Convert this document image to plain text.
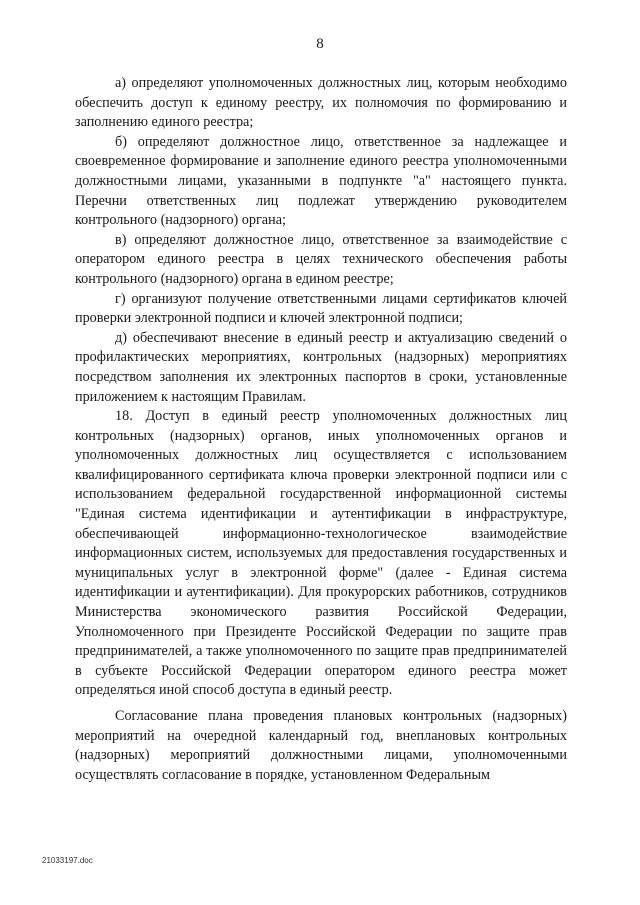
8

а) определяют уполномоченных должностных лиц, которым необходимо обеспечить доступ к единому реестру, их полномочия по формированию и заполнению единого реестра;

б) определяют должностное лицо, ответственное за надлежащее и своевременное формирование и заполнение единого реестра уполномоченными должностными лицами, указанными в подпункте "а" настоящего пункта. Перечни ответственных лиц подлежат утверждению руководителем контрольного (надзорного) органа;

в) определяют должностное лицо, ответственное за взаимодействие с оператором единого реестра в целях технического обеспечения работы контрольного (надзорного) органа в едином реестре;

г) организуют получение ответственными лицами сертификатов ключей проверки электронной подписи и ключей электронной подписи;

д) обеспечивают внесение в единый реестр и актуализацию сведений о профилактических мероприятиях, контрольных (надзорных) мероприятиях посредством заполнения их электронных паспортов в сроки, установленные приложением к настоящим Правилам.

18. Доступ в единый реестр уполномоченных должностных лиц контрольных (надзорных) органов, иных уполномоченных органов и уполномоченных должностных лиц осуществляется с использованием квалифицированного сертификата ключа проверки электронной подписи или с использованием федеральной государственной информационной системы "Единая система идентификации и аутентификации в инфраструктуре, обеспечивающей информационно-технологическое взаимодействие информационных систем, используемых для предоставления государственных и муниципальных услуг в электронной форме" (далее - Единая система идентификации и аутентификации). Для прокурорских работников, сотрудников Министерства экономического развития Российской Федерации, Уполномоченного при Президенте Российской Федерации по защите прав предпринимателей, а также уполномоченного по защите прав предпринимателей в субъекте Российской Федерации оператором единого реестра может определяться иной способ доступа в единый реестр.

Согласование плана проведения плановых контрольных (надзорных) мероприятий на очередной календарный год, внеплановых контрольных (надзорных) мероприятий должностными лицами, уполномоченными осуществлять согласование в порядке, установленном Федеральным

21033197.doc
